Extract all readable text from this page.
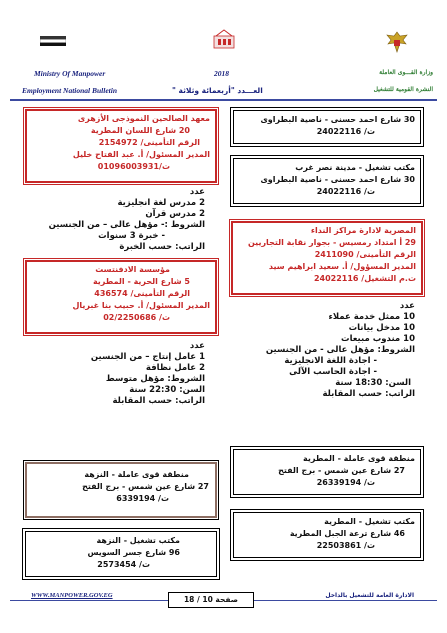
Ministry Of Manpower	2018	وزارة القـــوى العاملة
Employment National Bulletin	العـــدد "أربعمائة وثلاثة "	النشرة القومية للتشغيل
30 شارع احمد حسنى - ناصية البطراوى
ت/ 24022116
مكتب تشغيل - مدينة نصر غرب
30 شارع احمد حسنى - ناصية البطراوى
ت/ 24022116
المصرية لادارة مراكز النداء
29 أ امتداد رمسيس - بجوار نقابة التجاريين
الرقم التأمينى/ 2411090
المدير المسؤول/ أ. سعيد ابراهيم سيد
ت.م التشغيل/ 24022116
عدد
10 ممثل خدمة عملاء
10 مدخل بيانات
10 مندوب مبيعات
الشروط: مؤهل عالى - من الجنسين
- اجادة اللغة الانجليزية
- اجادة الحاسب الآلى
السن: 18:30 سنة
الراتب: حسب المقابلة
منطقة قوى عاملة - المطرية
27 شارع عين شمس - برج الفتح
ت/ 26339194
مكتب تشغيل - المطرية
46 شارع ترعة الجبل المطرية
ت/ 22503861
معهد الصالحين النموذجى الأزهرى
20 شارع اللسان المطرية
الرقم التأمينى/ 2154972
المدير المسئول/ أ. عبد الفتاح خليل
ت/01096003931
عدد
2 مدرس لغة انجليزية
2 مدرس قرآن
الشروط :- مؤهل عالى – من الجنسين
- خبرة 3 سنوات
الراتب: حسب الخبرة
مؤسسة الادفنتست
5 شارع الحرية - المطرية
الرقم التأمينى/ 436574
المدير المسئول/ أ. حبيب بنا غبريال
ت/ 02/2250686
عدد
1 عامل إنتاج – من الجنسين
2 عامل نظافة
الشروط: مؤهل متوسط
السن: 22:30 سنة
الراتب: حسب المقابلة
منطقة قوى عاملة - النزهة
27 شارع عين شمس - برج الفتح
ت/ 6339194
مكتب تشغيل - النزهة
96 شارع جسر السويس
ت/ 2573454
WWW.MANPOWER.GOV.EG	صفحة 10 / 18	الادارة العامة للتشغيل بالداخل
